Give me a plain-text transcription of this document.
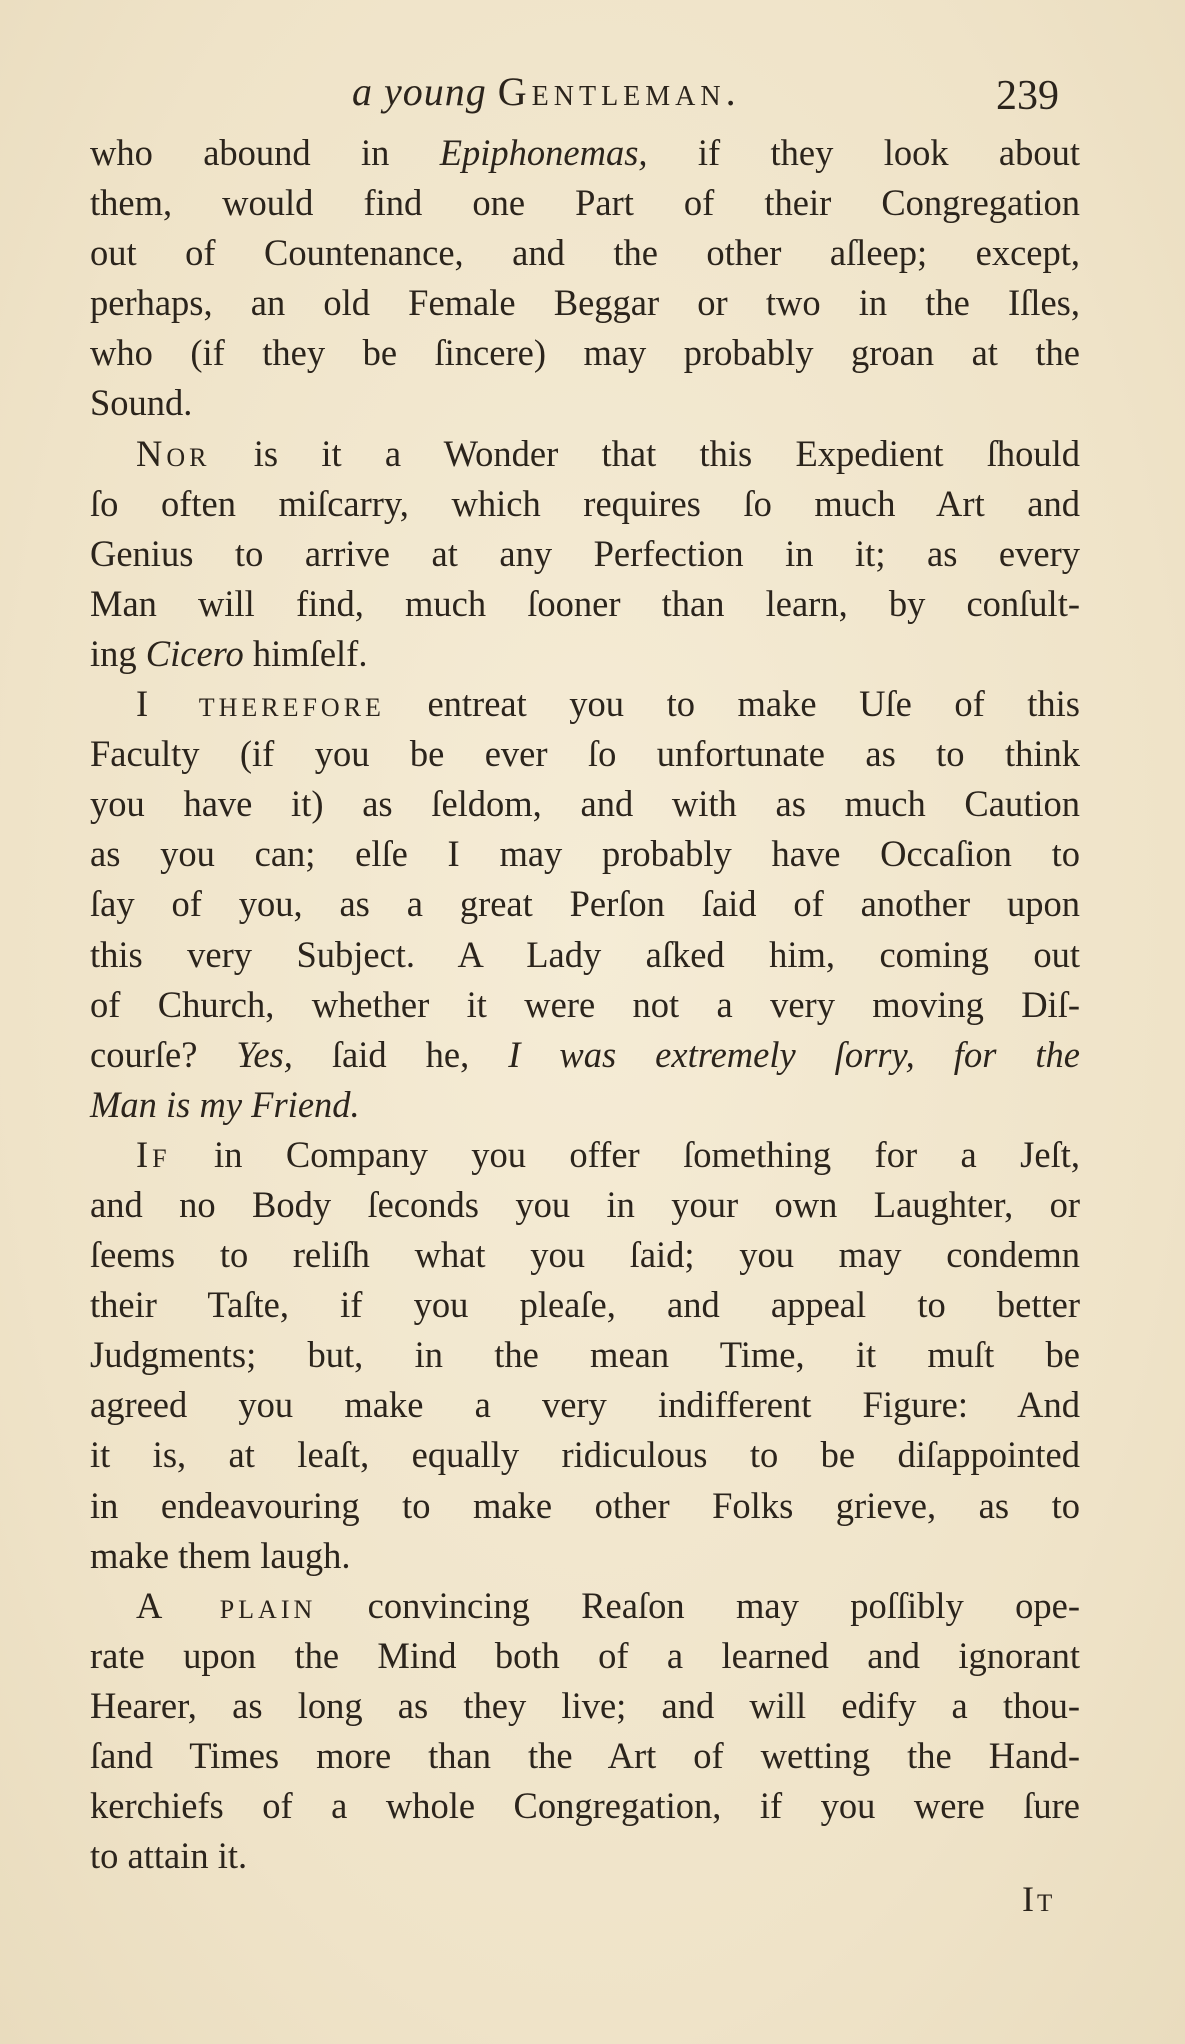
a young Gentleman.	239
who abound in Epiphonemas, if they look about
them, would find one Part of their Congregation
out of Countenance, and the other aſleep; except,
perhaps, an old Female Beggar or two in the Iſles,
who (if they be ſincere) may probably groan at the
Sound.
Nor is it a Wonder that this Expedient ſhould
ſo often miſcarry, which requires ſo much Art and
Genius to arrive at any Perfection in it; as every
Man will find, much ſooner than learn, by conſult-
ing Cicero himſelf.
I therefore entreat you to make Uſe of this
Faculty (if you be ever ſo unfortunate as to think
you have it) as ſeldom, and with as much Caution
as you can; elſe I may probably have Occaſion to
ſay of you, as a great Perſon ſaid of another upon
this very Subject. A Lady aſked him, coming out
of Church, whether it were not a very moving Diſ-
courſe? Yes, ſaid he, I was extremely ſorry, for the
Man is my Friend.
If in Company you offer ſomething for a Jeſt,
and no Body ſeconds you in your own Laughter, or
ſeems to reliſh what you ſaid; you may condemn
their Taſte, if you pleaſe, and appeal to better
Judgments; but, in the mean Time, it muſt be
agreed you make a very indifferent Figure: And
it is, at leaſt, equally ridiculous to be diſappointed
in endeavouring to make other Folks grieve, as to
make them laugh.
A plain convincing Reaſon may poſſibly ope-
rate upon the Mind both of a learned and ignorant
Hearer, as long as they live; and will edify a thou-
ſand Times more than the Art of wetting the Hand-
kerchiefs of a whole Congregation, if you were ſure
to attain it.
It
